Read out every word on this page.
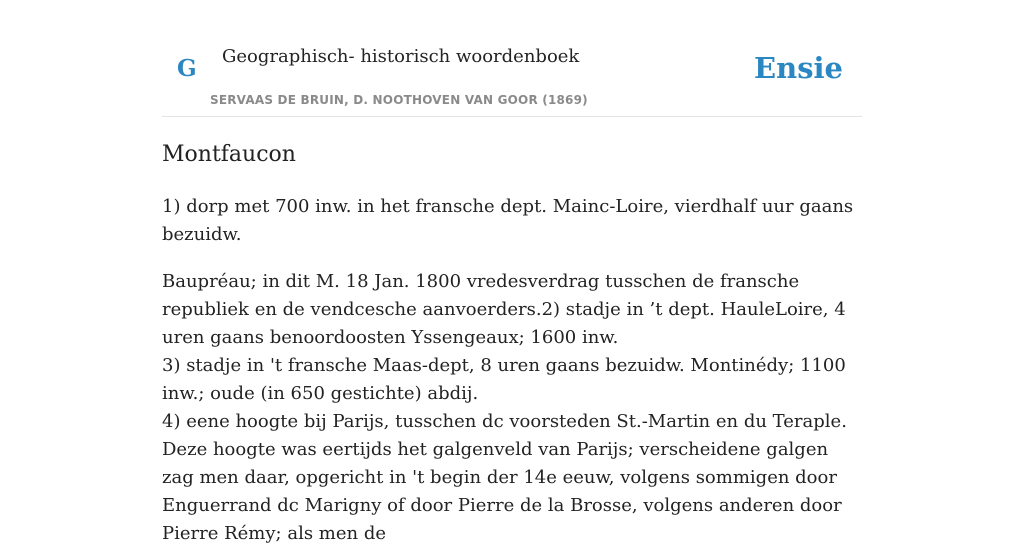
G Geographisch- historisch woordenboek
SERVAAS DE BRUIN, D. NOOTHOVEN VAN GOOR (1869)
Ensie
Montfaucon

1) dorp met 700 inw. in het fransche dept. Mainc-Loire, vierdhalf uur gaans bezuidw.

Baupréau; in dit M. 18 Jan. 1800 vredesverdrag tusschen de fransche republiek en de vendcesche aanvoerders.2) stadje in ’t dept. HauleLoire, 4 uren gaans benoordoosten Yssengeaux; 1600 inw.
3) stadje in 't fransche Maas-dept, 8 uren gaans bezuidw. Montinédy; 1100 inw.; oude (in 650 gestichte) abdij.
4) eene hoogte bij Parijs, tusschen dc voorsteden St.-Martin en du Teraple. Deze hoogte was eertijds het galgenveld van Parijs; verscheidene galgen zag men daar, opgericht in 't begin der 14e eeuw, volgens sommigen door Enguerrand dc Marigny of door Pierre de la Brosse, volgens anderen door Pierre Rémy; als men de
